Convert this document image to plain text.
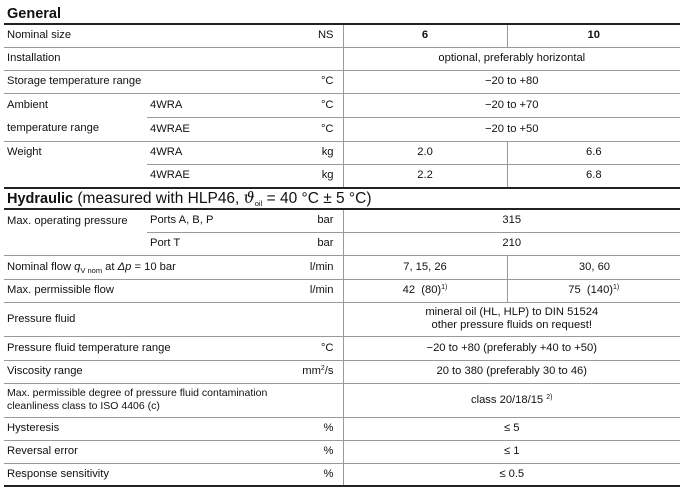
General
Nominal size		NS	6	10
Installation			optional, preferably horizontal	
Storage temperature range		°C	−20 to +80	
Ambient	4WRA	°C	−20 to +70	
temperature range	4WRAE	°C	−20 to +50	
Weight	4WRA	kg	2.0	6.6
	4WRAE	kg	2.2	6.8
Hydraulic (measured with HLP46, $ϑ_{oil} = 40$ °C ± 5 °C)
Max. operating pressure	Ports A, B, P	bar	315	
	Port T	bar	210	
Nominal flow $q_{V nom}$ at Δp = 10 bar		l/min	7, 15, 26	30, 60
Max. permissible flow		l/min	42  $(80)^{1)}$	75  $(140)^{1)}$
Pressure fluid			mineral oil (HL, HLP) to DIN 51524
other pressure fluids on request!	

Pressure fluid temperature range		°C	−20 to +80 (preferably +40 to +50)	
Viscosity range		$mm^2/s$	20 to 380 (preferably 30 to 46)	

Max. permissible degree of pressure fluid contamination
cleanliness class to ISO 4406 (c)			class 20/18/15 $^{2)}$
Hysteresis		%	≤ 5	
Reversal error		%	≤ 1	
Response sensitivity		%	≤ 0.5	
